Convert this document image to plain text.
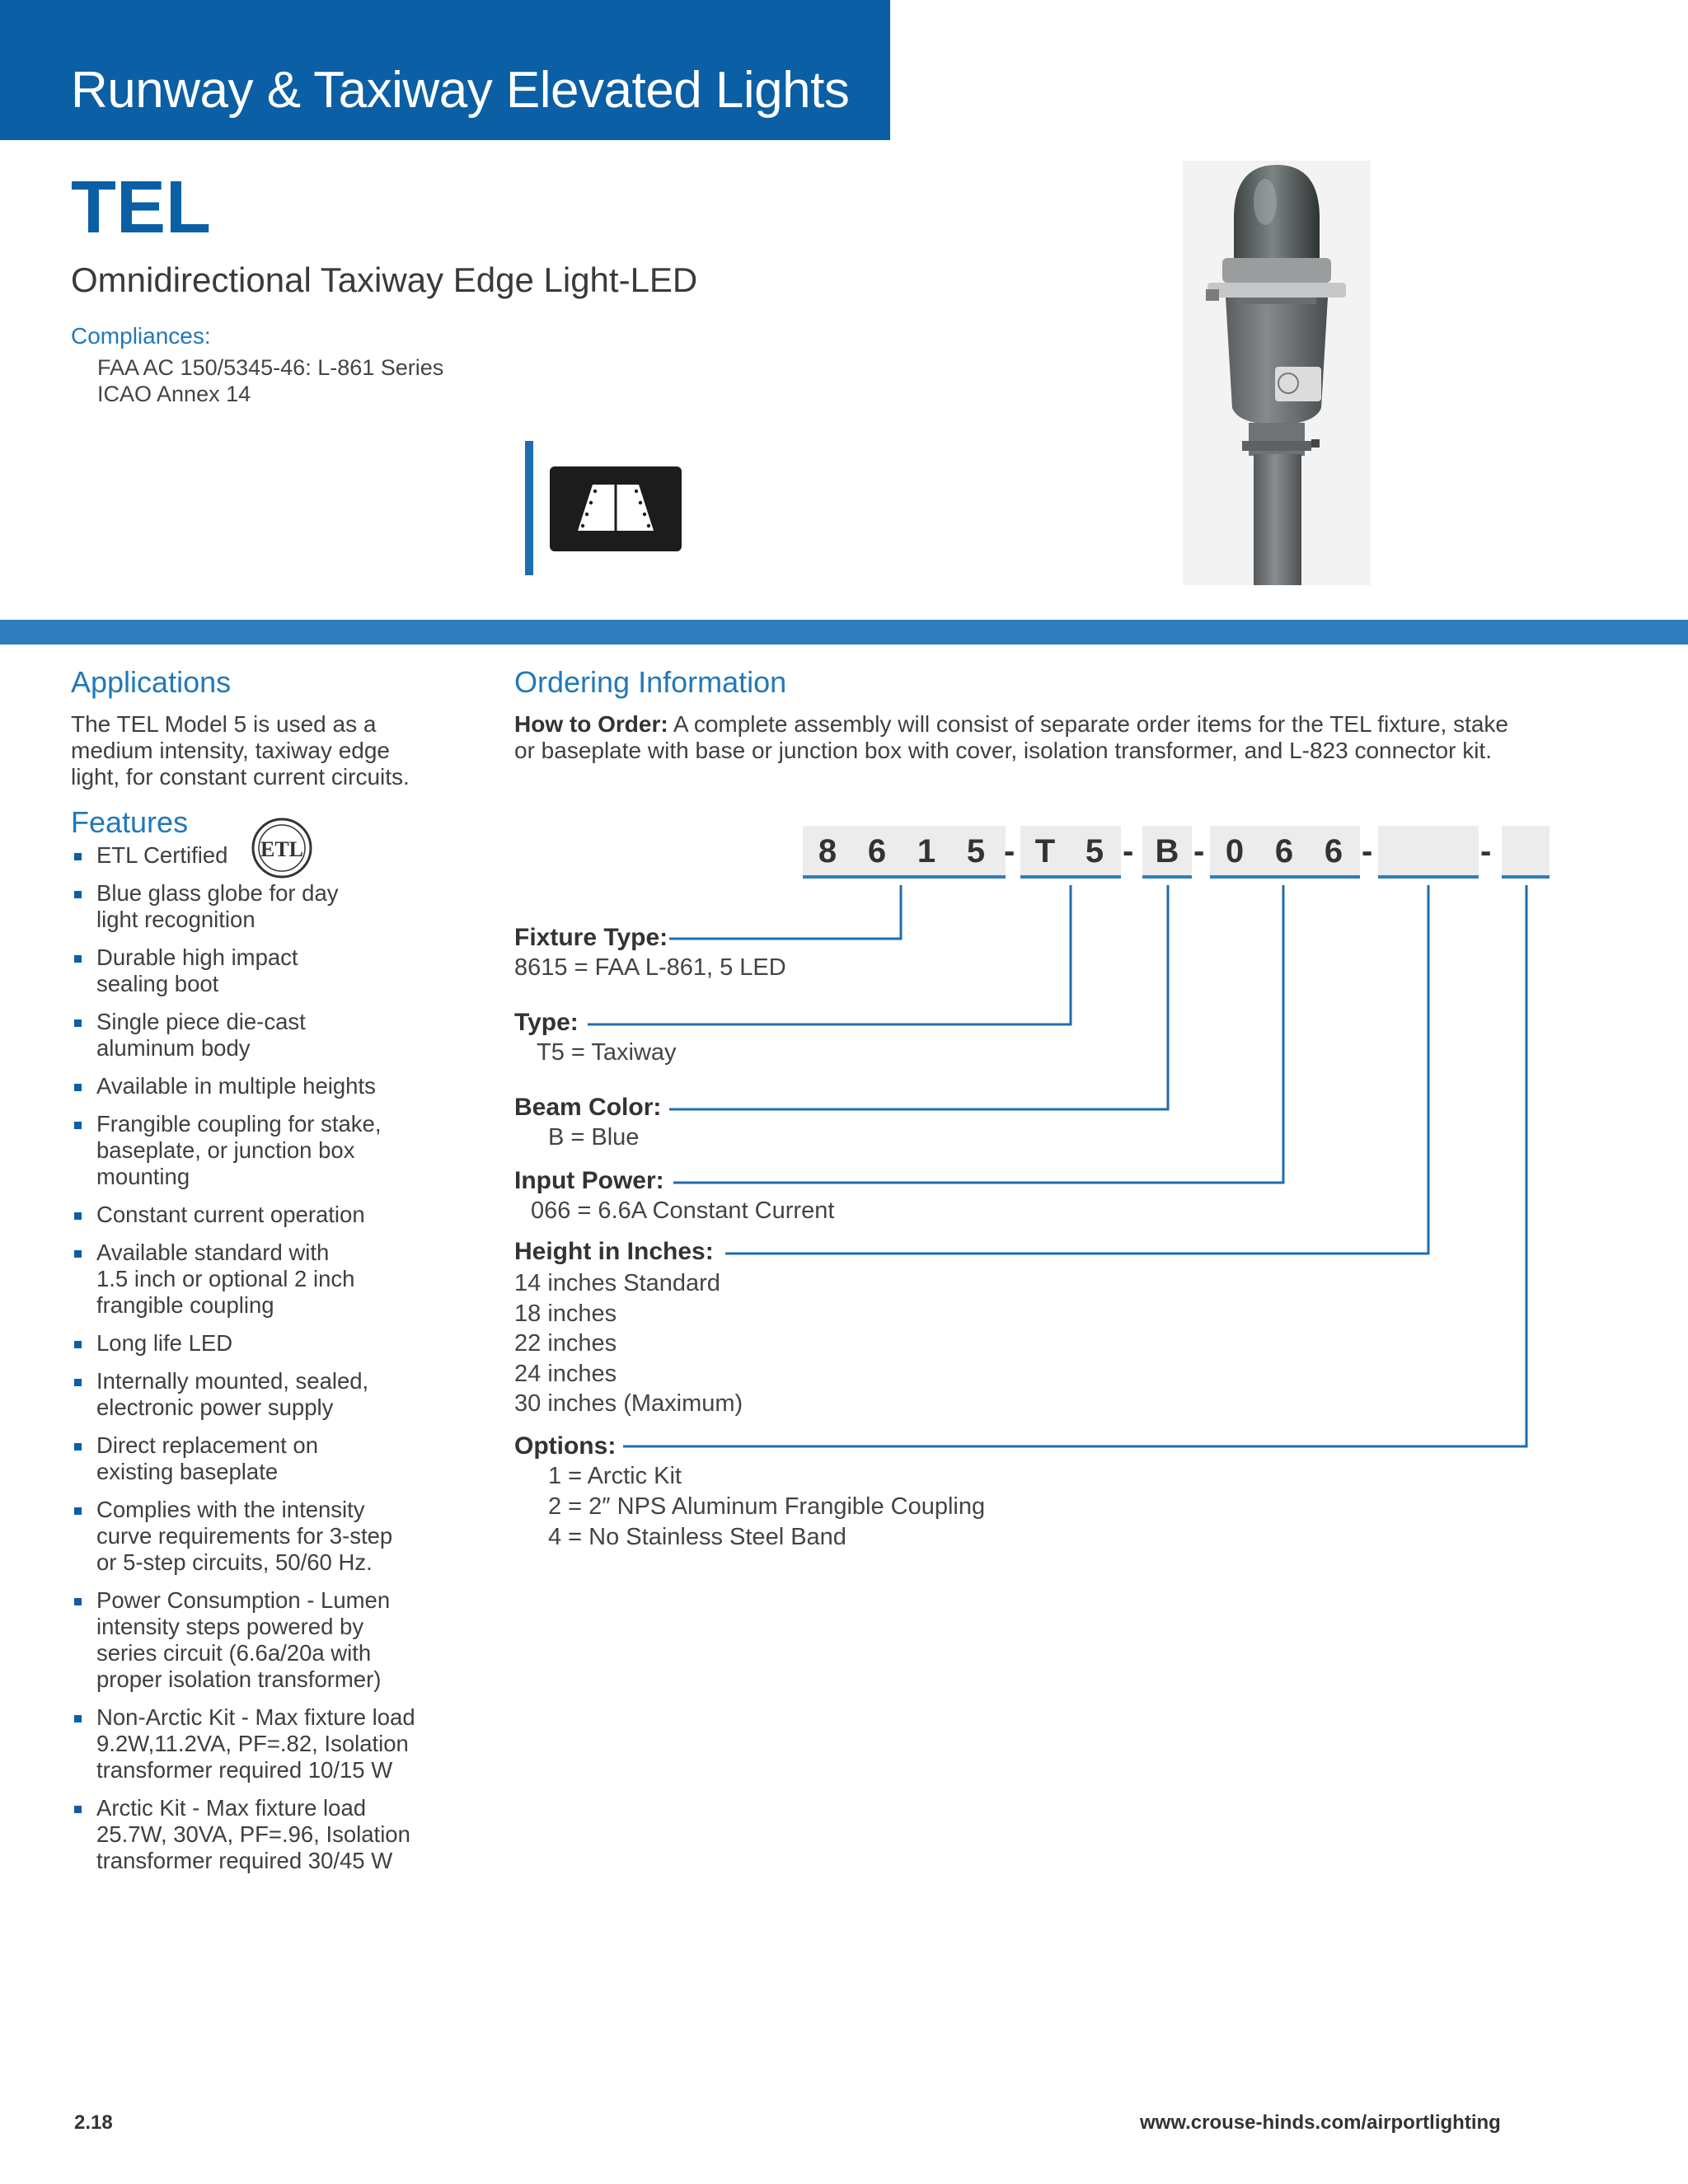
Runway & Taxiway Elevated Lights
TEL
Omnidirectional Taxiway Edge Light-LED
Compliances:
FAA AC 150/5345-46: L-861 Series
ICAO Annex 14
Applications
The TEL Model 5 is used as a
medium intensity, taxiway edge
light, for constant current circuits.
Features
ETL
ETL Certified
Blue glass globe for day
light recognition
Durable high impact
sealing boot
Single piece die-cast
aluminum body
Available in multiple heights
Frangible coupling for stake,
baseplate, or junction box
mounting
Constant current operation
Available standard with
1.5 inch or optional 2 inch
frangible coupling
Long life LED
Internally mounted, sealed,
electronic power supply
Direct replacement on
existing baseplate
Complies with the intensity
curve requirements for 3-step
or 5-step circuits, 50/60 Hz.
Power Consumption - Lumen
intensity steps powered by
series circuit (6.6a/20a with
proper isolation transformer)
Non-Arctic Kit - Max fixture load
9.2W,11.2VA, PF=.82, Isolation
transformer required 10/15 W
Arctic Kit - Max fixture load
25.7W, 30VA, PF=.96, Isolation
transformer required 30/45 W
Ordering Information
How to Order: A complete assembly will consist of separate order items for the TEL fixture, stake
or baseplate with base or junction box with cover, isolation transformer, and L-823 connector kit.
8 6 1 5 - T 5 - B - 0 6 6 -	-
Fixture Type:
8615 = FAA L-861, 5 LED
Type:
T5 = Taxiway
Beam Color:
B = Blue
Input Power:
066 = 6.6A Constant Current
Height in Inches:
14 inches Standard
18 inches
22 inches
24 inches
30 inches (Maximum)
Options:
1 = Arctic Kit
2 = 2″ NPS Aluminum Frangible Coupling
4 = No Stainless Steel Band
2.18	www.crouse-hinds.com/airportlighting
